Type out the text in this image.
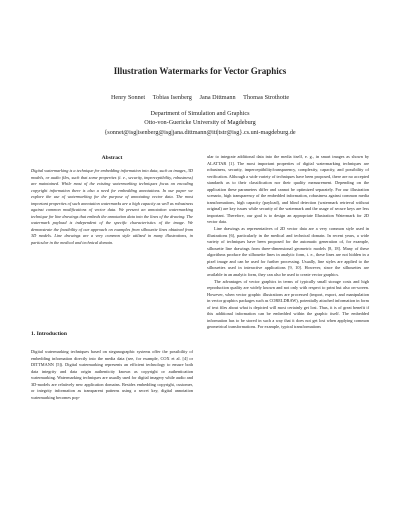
Illustration Watermarks for Vector Graphics
Henry Sonnet     Tobias Isenberg     Jana Dittmann     Thomas Strothotte
Department of Simulation and Graphics
Otto-von-Guericke University of Magdeburg
{sonnet@isg|isenberg@isg|jana.dittmann@iti|tstr@isg}.cs.uni-magdeburg.de
Abstract

Digital watermarking is a technique for embedding information into data, such as images, 3D models, or audio files, such that some properties (i. e., security, imperceptibility, robustness) are maintained. While most of the existing watermarking techniques focus on encoding copyright information there is also a need for embedding annotations. In our paper we explore the use of watermarking for the purpose of annotating vector data. The most important properties of such annotation watermarks are a high capacity as well as robustness against common modifications of vector data. We present an annotation watermarking technique for line drawings that embeds the annotation data into the lines of the drawing. The watermark payload is independent of the specific characteristics of the image. We demonstrate the feasibility of our approach on examples from silhouette lines obtained from 3D models. Line drawings are a very common style utilized in many illustrations, in particular in the medical and technical domain.

1. Introduction

Digital watermarking techniques based on steganographic systems offer the possibility of embedding information directly into the media data (see, for example, COX et al. [4] or DITTMANN [5]). Digital watermarking represents an efficient technology to ensure both data integrity and data origin authenticity known as copyright or authentication watermarking. Watermarking techniques are usually used for digital imagery while audio and 3D-models are relatively new application domains. Besides embedding copyright, customer, or integrity information as transparent patterns using a secret key, digital annotation watermarking becomes pop-

ular to integrate additional data into the media itself, e. g., in smart images as shown by ALATTAR [1]. The most important properties of digital watermarking techniques are robustness, security, imperceptibility/transparency, complexity, capacity, and possibility of verification. Although a wide variety of techniques have been proposed, there are no accepted standards as to their classification nor their quality measurement. Depending on the application these parameters differ and cannot be optimized separately. For our illustration scenario, high transparency of the embedded information, robustness against common media transformations, high capacity (payload), and blind detection (watermark retrieval without original) are key issues while security of the watermark and the usage of secure keys are less important. Therefore, our goal is to design an appropriate Illustration Watermark for 2D vector data.

Line drawings as representatives of 2D vector data are a very common style used in illustrations [6], particularly in the medical and technical domain. In recent years, a wide variety of techniques have been proposed for the automatic generation of, for example, silhouette line drawings from three-dimensional geometric models [8, 18]. Many of these algorithms produce the silhouette lines in analytic form, i. e., these lines are not hidden in a pixel image and can be used for further processing. Usually, line styles are applied to the silhouettes used in interactive applications [9, 10]. However, since the silhouettes are available in an analytic form, they can also be used to create vector graphics.

The advantages of vector graphics in terms of typically small storage costs and high reproduction quality are widely known and not only with respect to print but also on-screen. However, when vector graphic illustrations are processed (import, export, and manipulation in vector graphics packages such as CORELDRAW), potentially attached information in form of text files about what is depicted will most certainly get lost. Thus, it is of great benefit if this additional information can be embedded within the graphic itself. The embedded information has to be stored in such a way that it does not get lost when applying common geometrical transformations. For example, typical transformations
